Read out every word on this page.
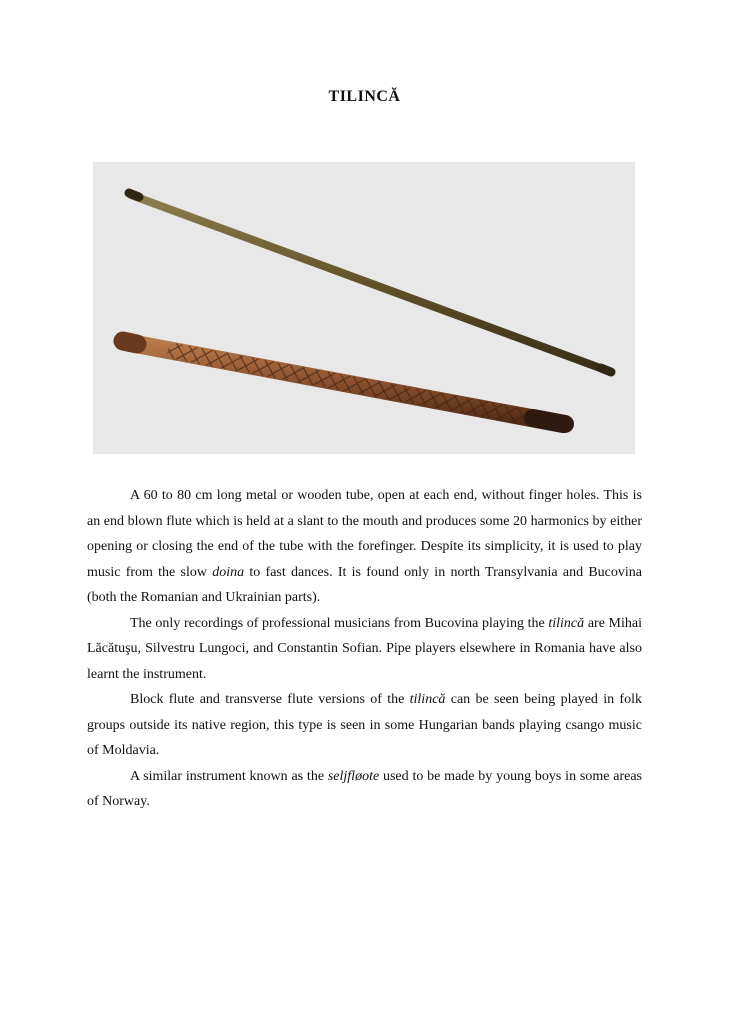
TILINCĂ

A 60 to 80 cm long metal or wooden tube, open at each end, without finger holes. This is an end blown flute which is held at a slant to the mouth and produces some 20 harmonics by either opening or closing the end of the tube with the forefinger. Despite its simplicity, it is used to play music from the slow doina to fast dances. It is found only in north Transylvania and Bucovina (both the Romanian and Ukrainian parts).

The only recordings of professional musicians from Bucovina playing the tilincă are Mihai Lăcătuşu, Silvestru Lungoci, and Constantin Sofian. Pipe players elsewhere in Romania have also learnt the instrument.

Block flute and transverse flute versions of the tilincă can be seen being played in folk groups outside its native region, this type is seen in some Hungarian bands playing csango music of Moldavia.

A similar instrument known as the seljfløote used to be made by young boys in some areas of Norway.
